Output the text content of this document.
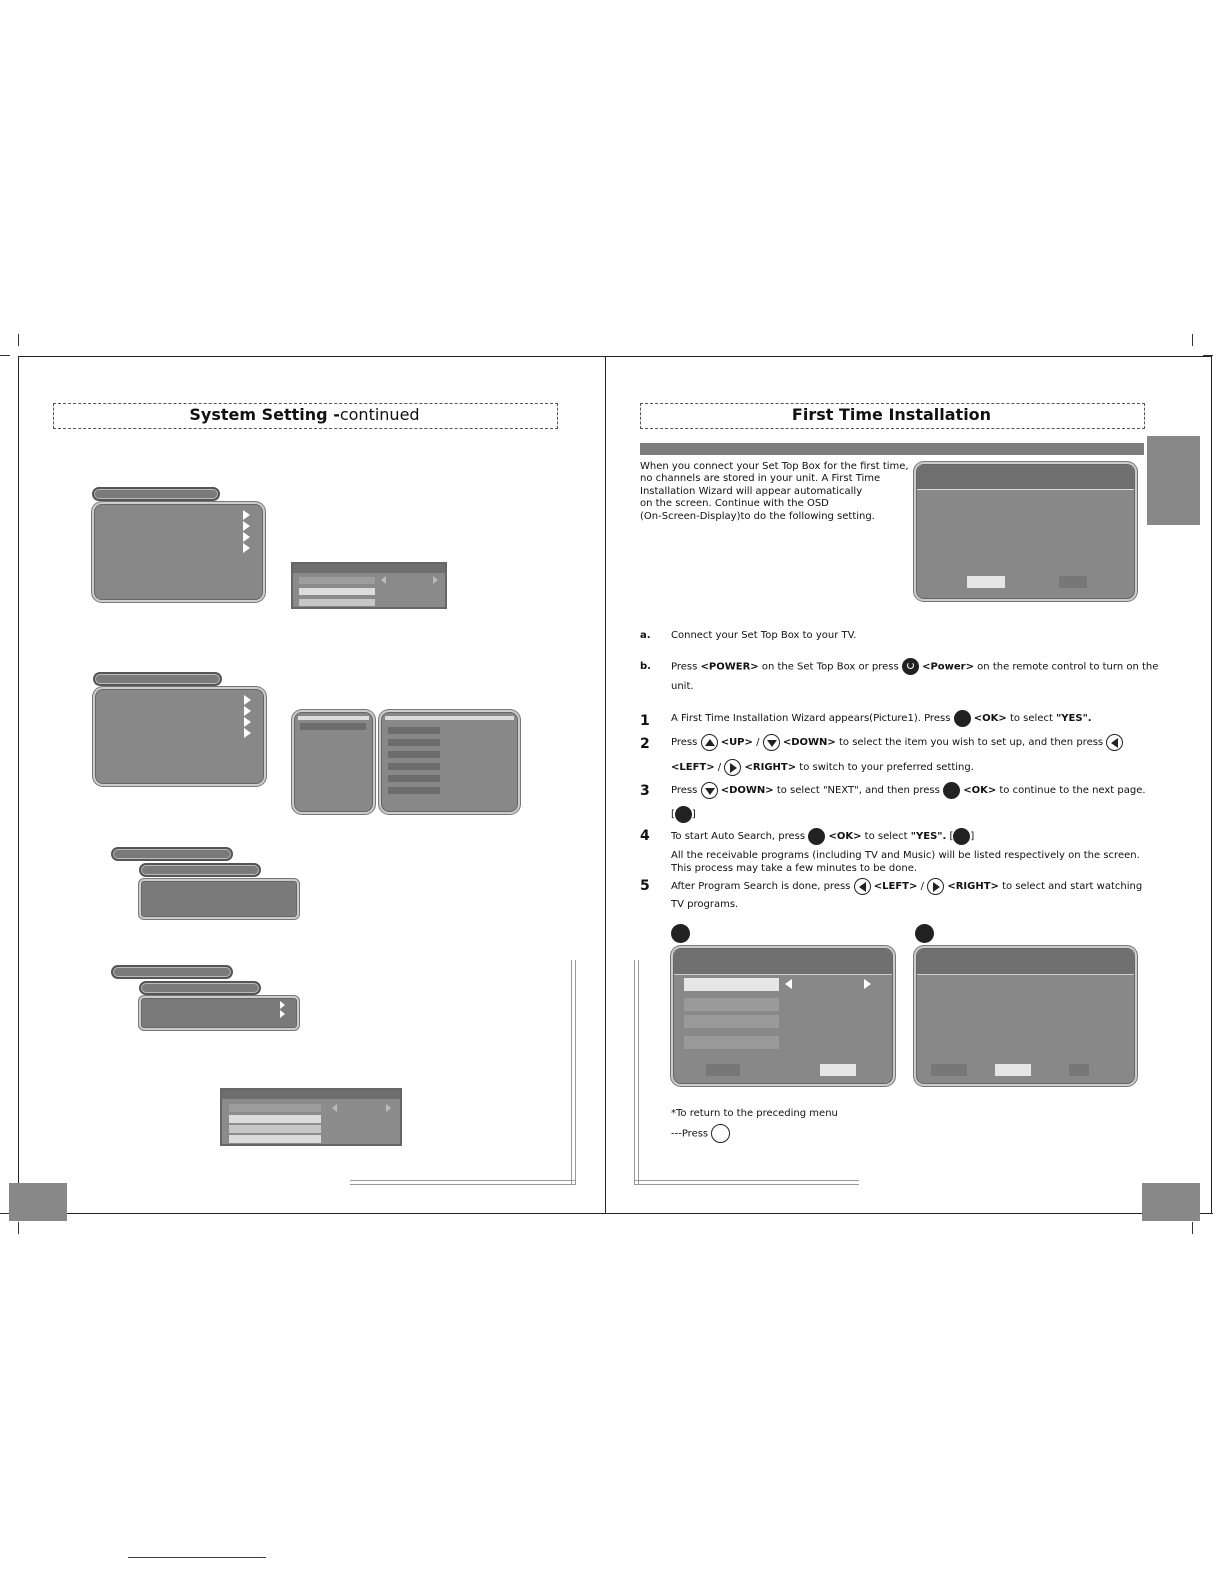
System Setting -continued	First Time Installation
When you connect your Set Top Box for the first time,
no channels are stored in your unit. A First Time
Installation Wizard will appear automatically
on the screen. Continue with the OSD
(On-Screen-Display)to do the following setting.
a. Connect your Set Top Box to your TV.
b. Press <POWER> on the Set Top Box or press
<Power> on the remote control to turn on the
unit.
1 A First Time Installation Wizard appears(Picture1). Press  <OK> to select "YES".
2 Press
<UP> /
<DOWN> to select the item you wish to set up, and then press
<LEFT> /
<RIGHT> to switch to your preferred setting.
3 Press
<DOWN> to select "NEXT", and then press  <OK> to continue to the next page.
[ ]
4 To start Auto Search, press  <OK> to select "YES". [ ]
All the receivable programs (including TV and Music) will be listed respectively on the screen.
This process may take a few minutes to be done.
5 After Program Search is done, press
<LEFT> /
<RIGHT> to select and start watching
TV programs.
*To return to the preceding menu
---Press
